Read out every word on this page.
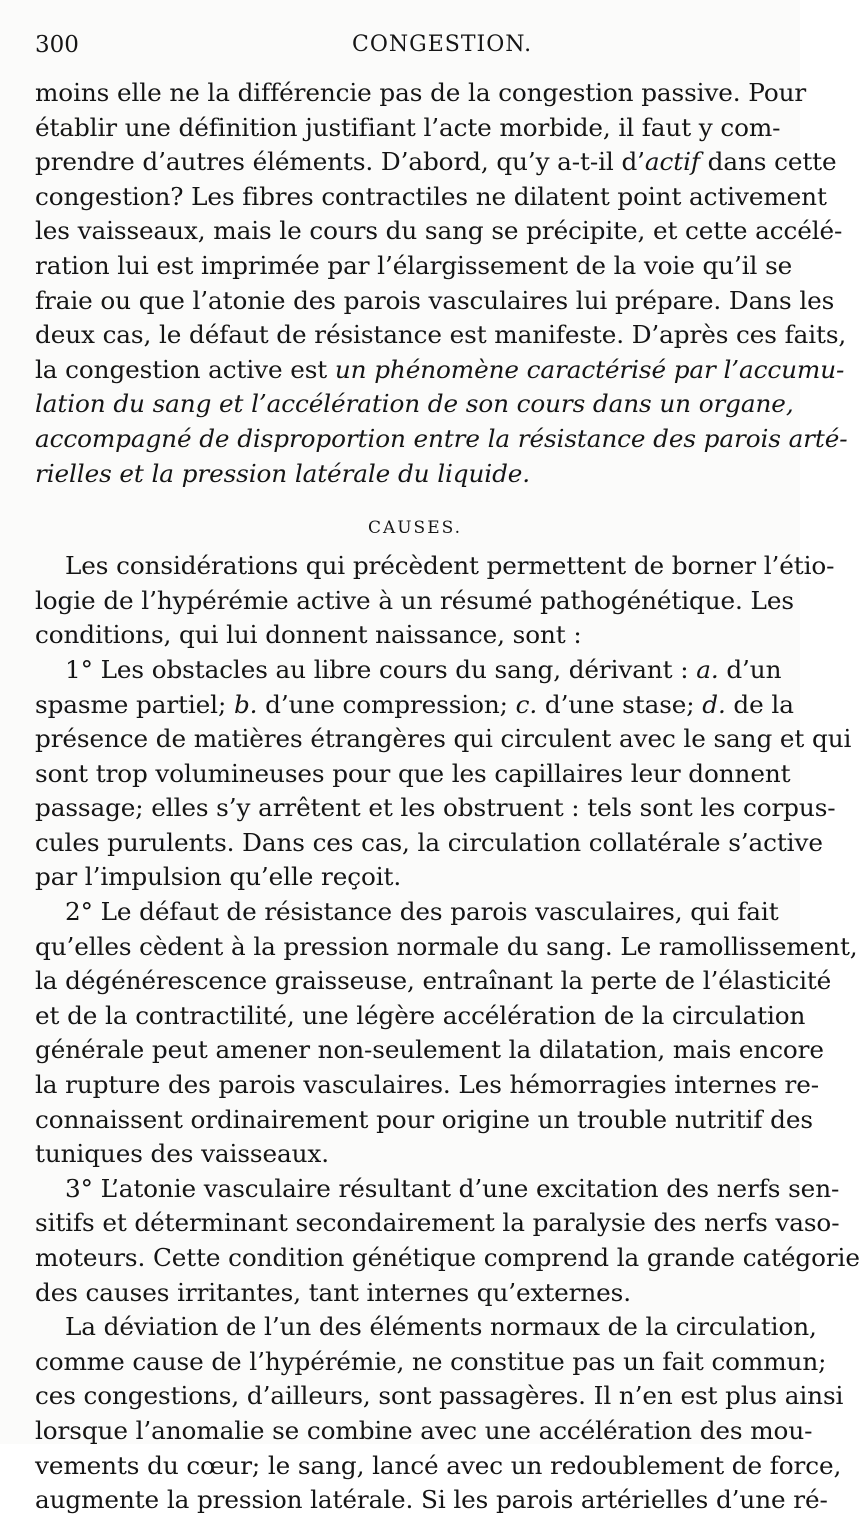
300	CONGESTION.
moins elle ne la différencie pas de la congestion passive. Pour
établir une définition justifiant l’acte morbide, il faut y com-
prendre d’autres éléments. D’abord, qu’y a-t-il d’actif dans cette
congestion? Les fibres contractiles ne dilatent point activement
les vaisseaux, mais le cours du sang se précipite, et cette accélé-
ration lui est imprimée par l’élargissement de la voie qu’il se
fraie ou que l’atonie des parois vasculaires lui prépare. Dans les
deux cas, le défaut de résistance est manifeste. D’après ces faits,
la congestion active est un phénomène caractérisé par l’accumu-
lation du sang et l’accélération de son cours dans un organe,
accompagné de disproportion entre la résistance des parois arté-
rielles et la pression latérale du liquide.
CAUSES.
Les considérations qui précèdent permettent de borner l’étio-
logie de l’hypérémie active à un résumé pathogénétique. Les
conditions, qui lui donnent naissance, sont :
1° Les obstacles au libre cours du sang, dérivant : a. d’un
spasme partiel; b. d’une compression; c. d’une stase; d. de la
présence de matières étrangères qui circulent avec le sang et qui
sont trop volumineuses pour que les capillaires leur donnent
passage; elles s’y arrêtent et les obstruent : tels sont les corpus-
cules purulents. Dans ces cas, la circulation collatérale s’active
par l’impulsion qu’elle reçoit.
2° Le défaut de résistance des parois vasculaires, qui fait
qu’elles cèdent à la pression normale du sang. Le ramollissement,
la dégénérescence graisseuse, entraînant la perte de l’élasticité
et de la contractilité, une légère accélération de la circulation
générale peut amener non-seulement la dilatation, mais encore
la rupture des parois vasculaires. Les hémorragies internes re-
connaissent ordinairement pour origine un trouble nutritif des
tuniques des vaisseaux.
3° L’atonie vasculaire résultant d’une excitation des nerfs sen-
sitifs et déterminant secondairement la paralysie des nerfs vaso-
moteurs. Cette condition génétique comprend la grande catégorie
des causes irritantes, tant internes qu’externes.
La déviation de l’un des éléments normaux de la circulation,
comme cause de l’hypérémie, ne constitue pas un fait commun;
ces congestions, d’ailleurs, sont passagères. Il n’en est plus ainsi
lorsque l’anomalie se combine avec une accélération des mou-
vements du cœur; le sang, lancé avec un redoublement de force,
augmente la pression latérale. Si les parois artérielles d’une ré-
